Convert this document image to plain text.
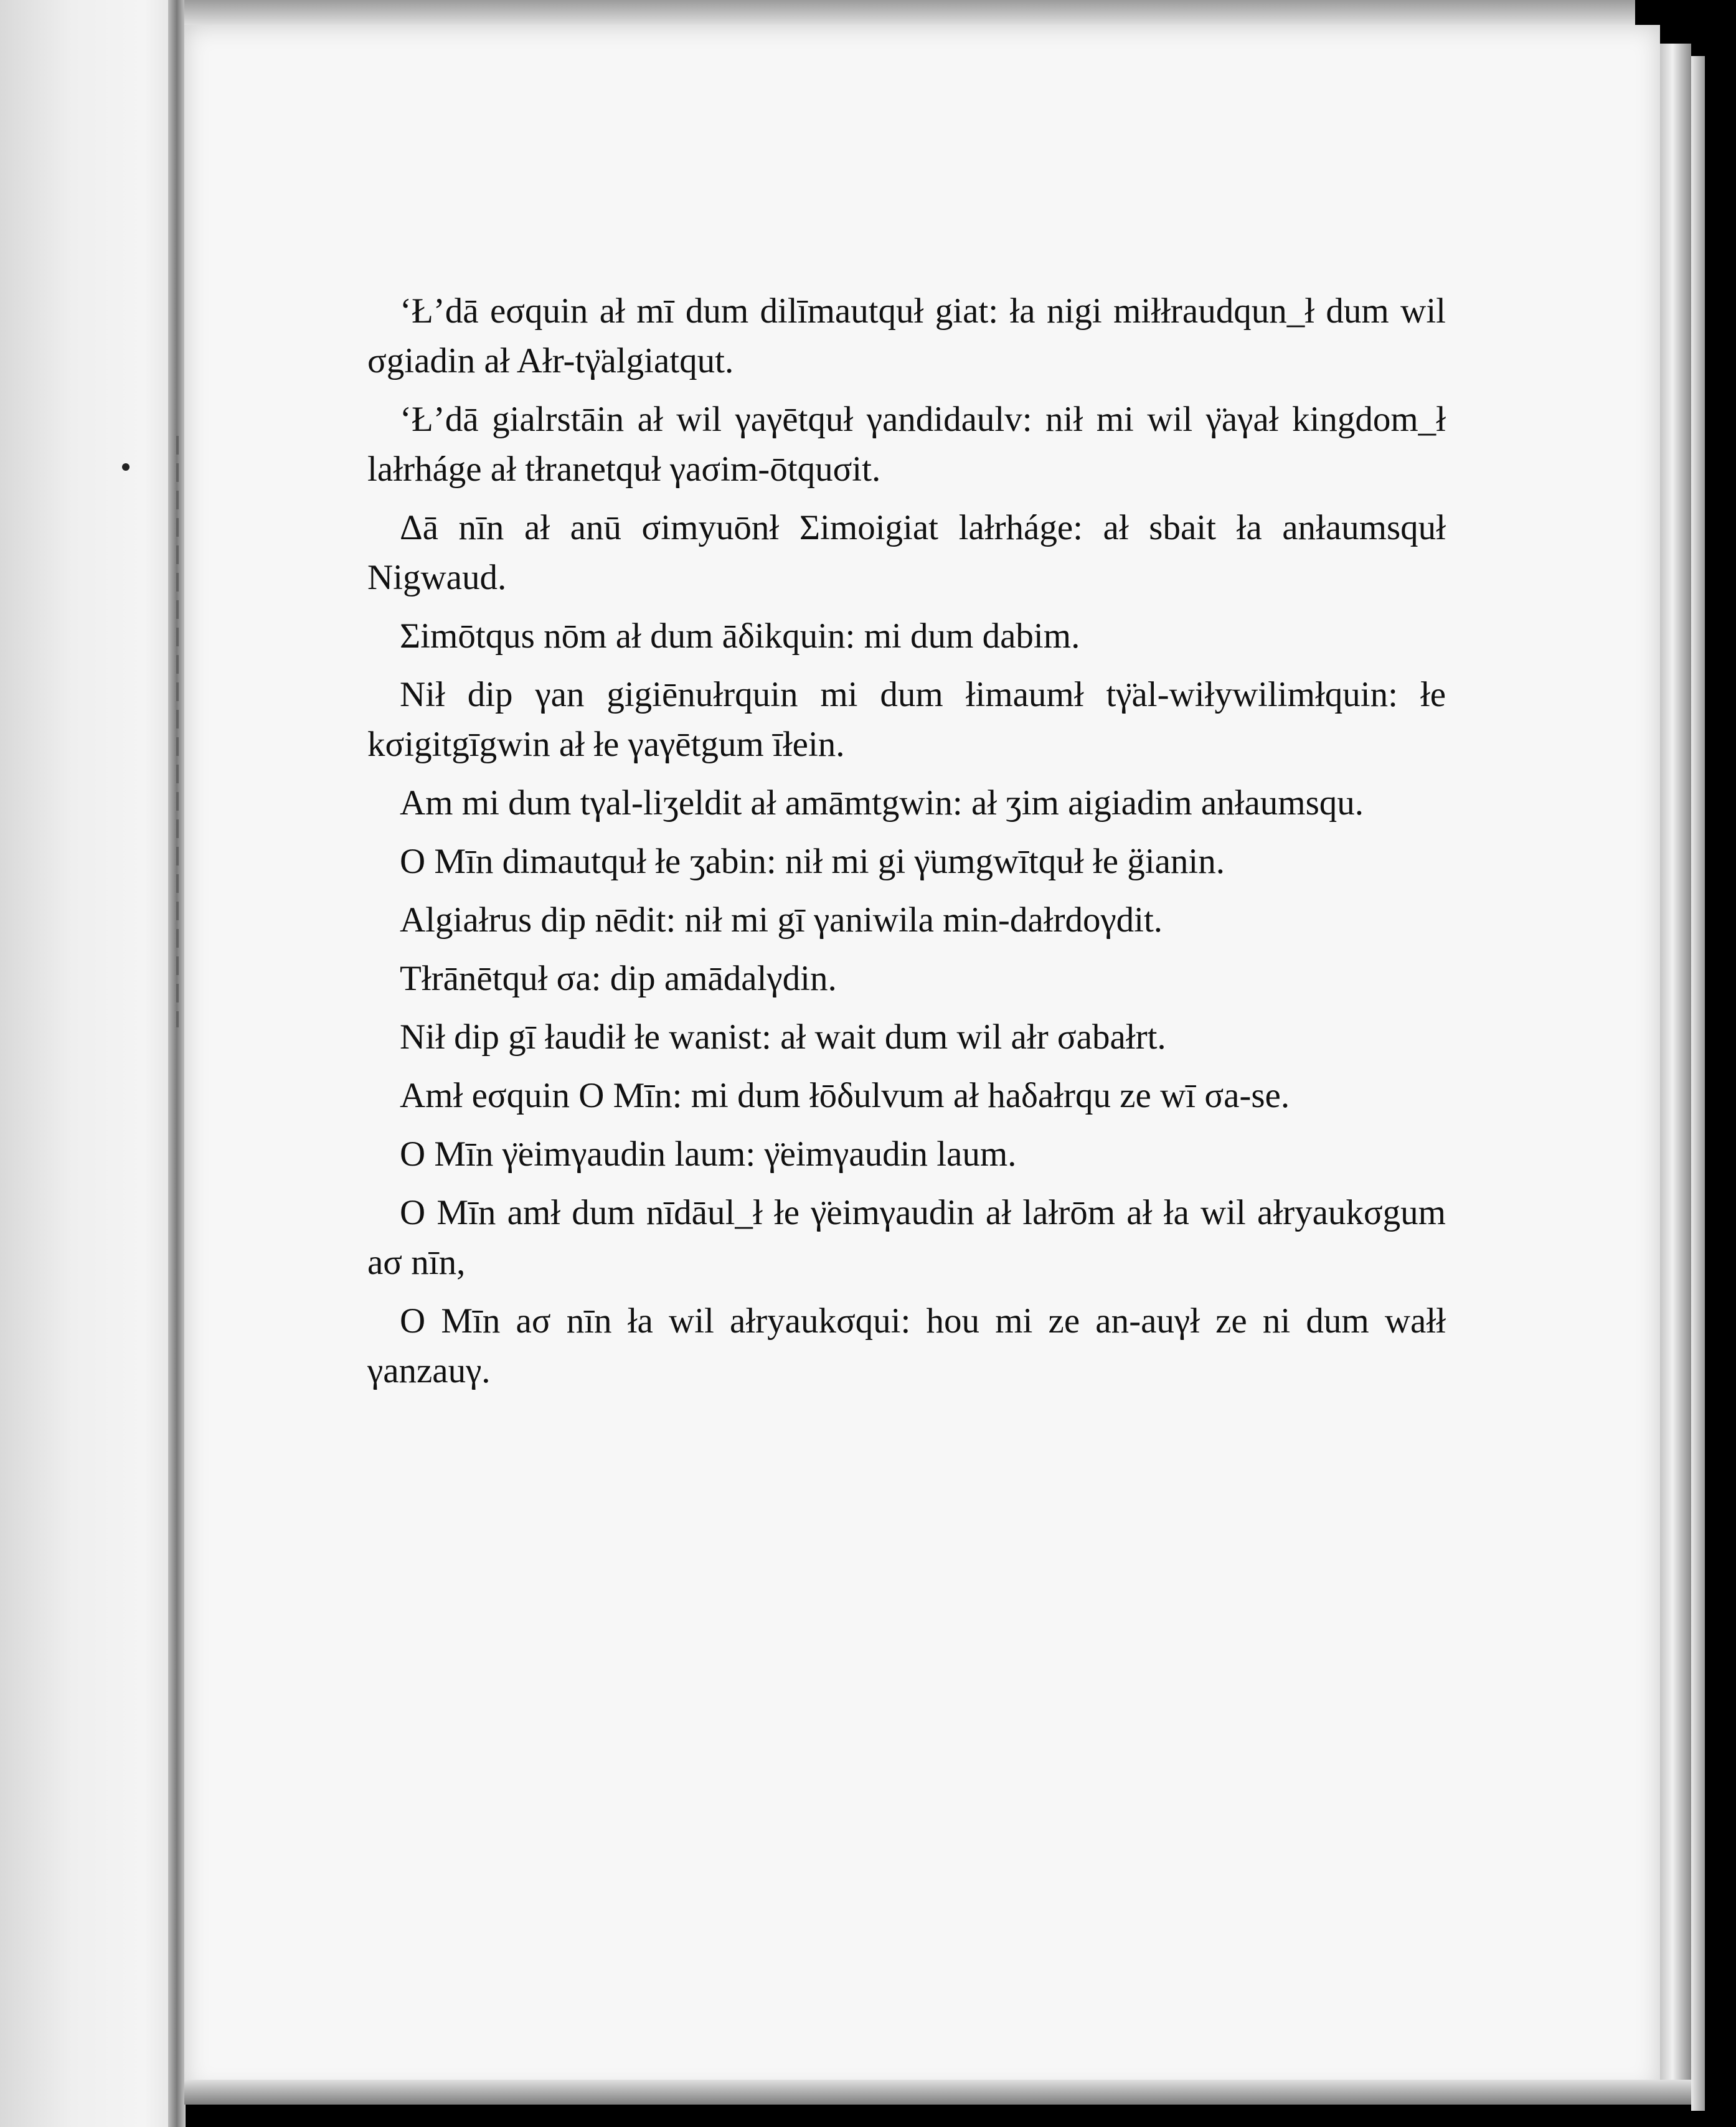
‘Ł’dā eσquin ał mī dum dilīmautquł giat: ła nigi miłłraudqun_ł dum wil σgiadin ał Ałr-tγ̈algiatqut.

‘Ł’dā gialrstāin ał wil γaγētquł γandidaulv: nił mi wil γ̈aγał kingdom_ł lałrháge ał tłranetquł γaσim-ōtquσit.

Δā nīn ał anū σimyuōnł Σimoigiat lałrháge: ał sbait ła anłaumsquł Nigwaud.

Σimōtqus nōm ał dum āδikquin: mi dum dabim.

Nił dip γan gigiēnułrquin mi dum łimaumł tγ̈al-wiływilimłquin: łe kσigitgīgwin ał łe γaγētgum īłein.

Am mi dum tγal-liʒeldit ał amāmtgwin: ał ʒim aigiadim anłaumsqu.

O Mīn dimautquł łe ʒabin: nił mi gi γ̈umgwītquł łe g̈ianin.

Algiałrus dip nēdit: nił mi gī γaniwila min-dałrdoγdit.

Tłrānētquł σa: dip amādalγdin.

Nił dip gī łaudił łe wanist: ał wait dum wil ałr σabałrt.

Amł eσquin O Mīn: mi dum łōδulvum ał haδałrqu ze wī σa-se.

O Mīn γ̈eimγaudin laum: γ̈eimγaudin laum.

O Mīn amł dum nīdāul_ł łe γ̈eimγaudin ał lałrōm ał ła wil ałryaukσgum aσ nīn,

O Mīn aσ nīn ła wil ałryaukσqui: hou mi ze an-auγł ze ni dum wałł γanzauγ.
